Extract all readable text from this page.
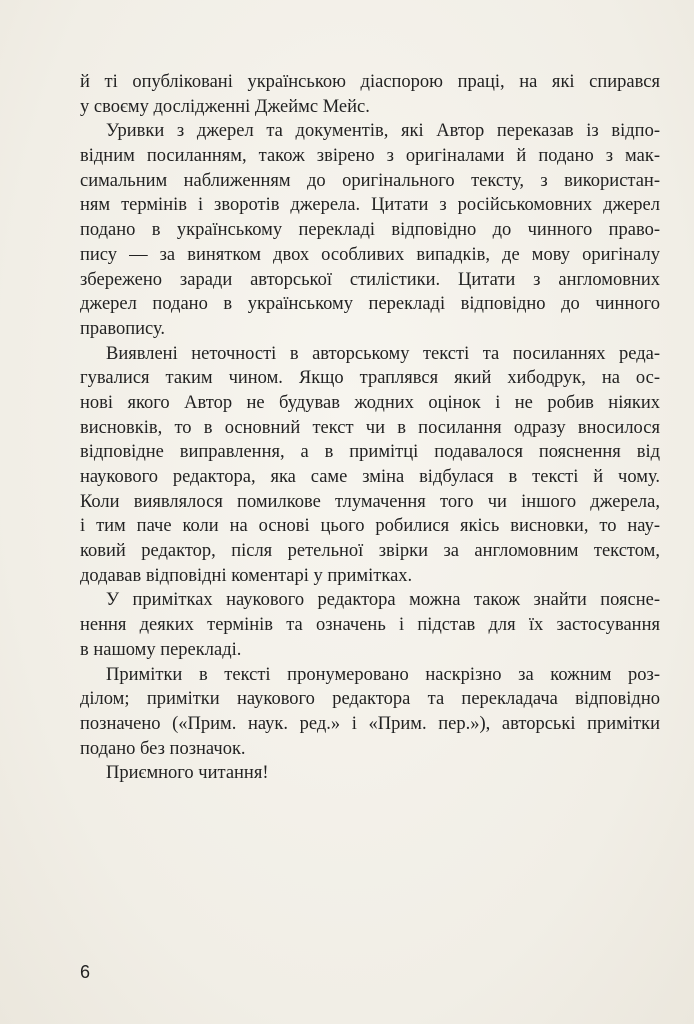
й ті опубліковані українською діаспорою праці, на які спирався
у своєму дослідженні Джеймс Мейс.
Уривки з джерел та документів, які Автор переказав із відпо-
відним посиланням, також звірено з оригіналами й подано з мак-
симальним наближенням до оригінального тексту, з використан-
ням термінів і зворотів джерела. Цитати з російськомовних джерел
подано в українському перекладі відповідно до чинного право-
пису — за винятком двох особливих випадків, де мову оригіналу
збережено заради авторської стилістики. Цитати з англомовних
джерел подано в українському перекладі відповідно до чинного
правопису.
Виявлені неточності в авторському тексті та посиланнях реда-
гувалися таким чином. Якщо траплявся який хибодрук, на ос-
нові якого Автор не будував жодних оцінок і не робив ніяких
висновків, то в основний текст чи в посилання одразу вносилося
відповідне виправлення, а в примітці подавалося пояснення від
наукового редактора, яка саме зміна відбулася в тексті й чому.
Коли виявлялося помилкове тлумачення того чи іншого джерела,
і тим паче коли на основі цього робилися якісь висновки, то нау-
ковий редактор, після ретельної звірки за англомовним текстом,
додавав відповідні коментарі у примітках.
У примітках наукового редактора можна також знайти поясне-
нення деяких термінів та означень і підстав для їх застосування
в нашому перекладі.
Примітки в тексті пронумеровано наскрізно за кожним роз-
ділом; примітки наукового редактора та перекладача відповідно
позначено («Прим. наук. ред.» і «Прим. пер.»), авторські примітки
подано без позначок.
Приємного читання!
6
